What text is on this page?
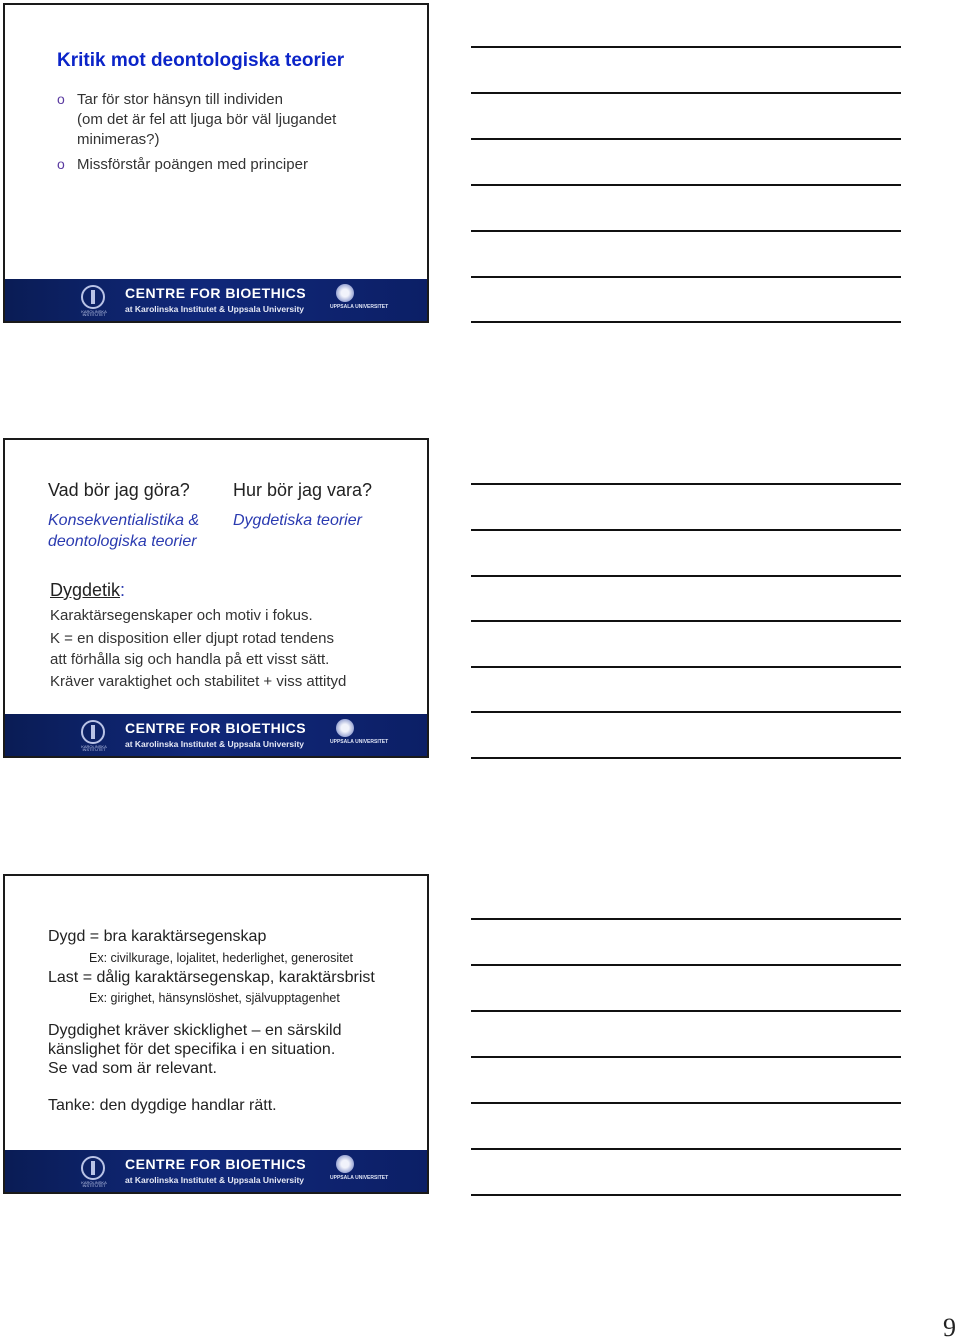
Kritik mot deontologiska teorier
o Tar för stor hänsyn till individen
(om det är fel att ljuga bör väl ljugandet
minimeras?)
o Missförstår poängen med principer
KAROLINSKA INSTITUTET
CENTRE FOR BIOETHICS
at Karolinska Institutet & Uppsala University	UPPSALA UNIVERSITET
Vad bör jag göra?
Konsekventialistika &
deontologiska teorier
Hur bör jag vara?
Dygdetiska teorier
Dygdetik:
Karaktärsegenskaper och motiv i fokus.
K = en disposition eller djupt rotad tendens
att förhålla sig och handla på ett visst sätt.
Kräver varaktighet och stabilitet + viss attityd
KAROLINSKA INSTITUTET
CENTRE FOR BIOETHICS
at Karolinska Institutet & Uppsala University	UPPSALA UNIVERSITET
Dygd = bra karaktärsegenskap
Ex: civilkurage, lojalitet, hederlighet, generositet
Last = dålig karaktärsegenskap, karaktärsbrist
Ex: girighet, hänsynslöshet, självupptagenhet
Dygdighet kräver skicklighet – en särskild
känslighet för det specifika i en situation.
Se vad som är relevant.
Tanke: den dygdige handlar rätt.
KAROLINSKA INSTITUTET
CENTRE FOR BIOETHICS
at Karolinska Institutet & Uppsala University	UPPSALA UNIVERSITET
9
